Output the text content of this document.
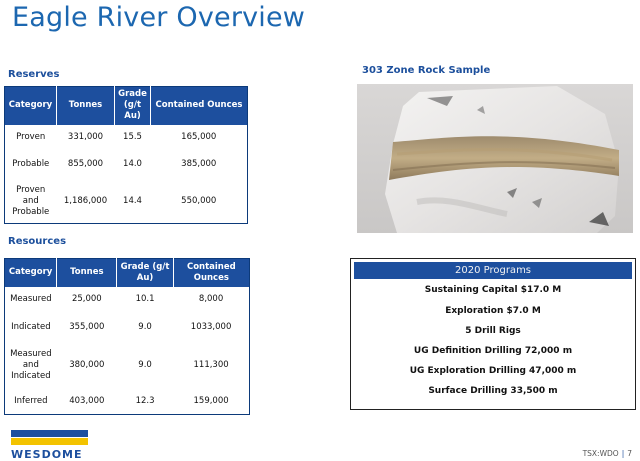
Eagle River Overview
Reserves
Category	Tonnes	Grade (g/t Au)	Contained Ounces
Proven	331,000	15.5	165,000
Probable	855,000	14.0	385,000
Proven and Probable	1,186,000	14.4	550,000
Resources
Category	Tonnes	Grade (g/t Au)	Contained Ounces
Measured	25,000	10.1	8,000
Indicated	355,000	9.0	1033,000
Measured and Indicated	380,000	9.0	111,300
Inferred	403,000	12.3	159,000
303 Zone Rock Sample
2020 Programs
Sustaining Capital $17.0 M
Exploration $7.0 M
5 Drill Rigs
UG Definition Drilling 72,000 m
UG Exploration Drilling 47,000 m
Surface Drilling 33,500 m
WESDOME	TSX:WDO | 7
